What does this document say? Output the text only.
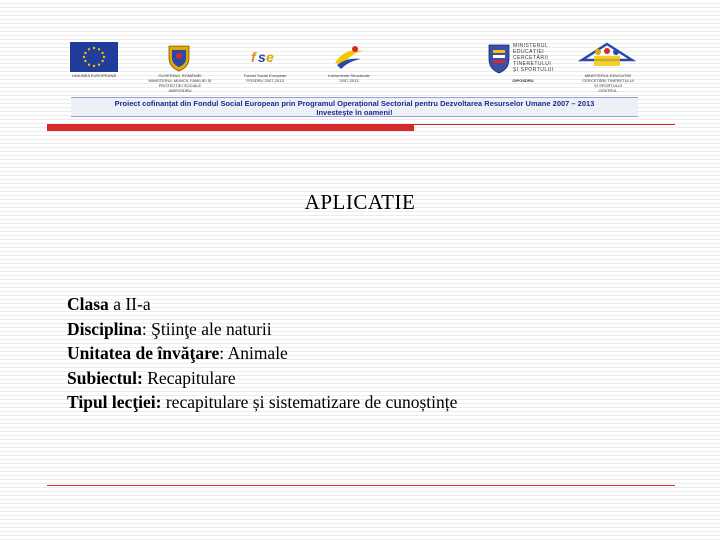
UNIUNEA EUROPEANĂ	GUVERNUL ROMÂNIEI
MINISTERUL MUNCII, FAMILIEI ȘI
PROTECȚIEI SOCIALE
AMPOSDRU
f s e
Fondul Social European
POSDRU 2007-2013
Instrumente Structurale
2007-2013
MINISTERUL
EDUCAȚIEI
CERCETĂRII
TINERETULUI
ȘI SPORTULUI
OIPOSDRU
MINISTERUL EDUCAȚIEI
CERCETĂRII TINERETULUI
ȘI SPORTULUI
CENTRUL
Proiect cofinanțat din Fondul Social European prin Programul Operațional Sectorial pentru Dezvoltarea Resurselor Umane 2007 – 2013
Investește în oameni!
APLICATIE
Clasa a II-a
Disciplina: Ştiinţe ale naturii
Unitatea de învăţare: Animale
Subiectul: Recapitulare
Tipul lecţiei: recapitulare și sistematizare de cunoștințe
